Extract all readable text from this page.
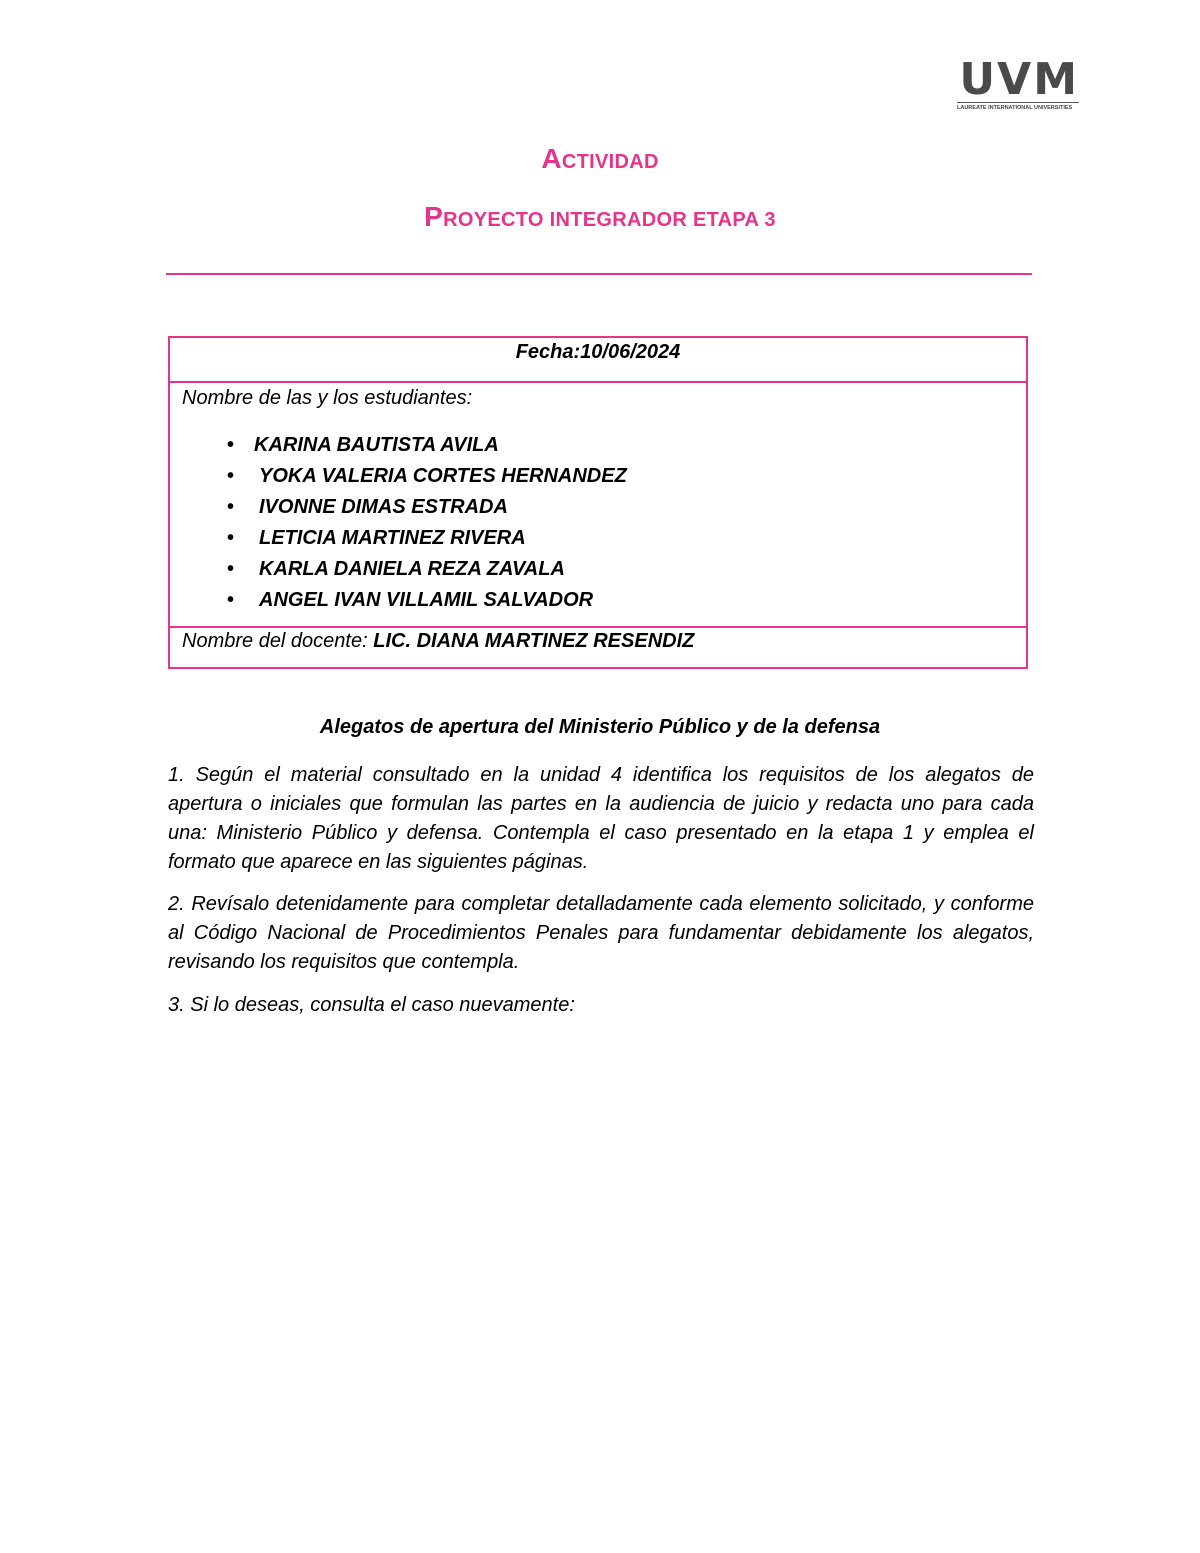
UVM
LAUREATE INTERNATIONAL UNIVERSITIES
ACTIVIDAD
PROYECTO INTEGRADOR ETAPA 3
Fecha:10/06/2024
Nombre de las y los estudiantes:
• KARINA BAUTISTA AVILA
• YOKA VALERIA CORTES HERNANDEZ
• IVONNE DIMAS ESTRADA
• LETICIA MARTINEZ RIVERA
• KARLA DANIELA REZA ZAVALA
• ANGEL IVAN VILLAMIL SALVADOR
Nombre del docente: LIC. DIANA MARTINEZ RESENDIZ
Alegatos de apertura del Ministerio Público y de la defensa

1. Según el material consultado en la unidad 4 identifica los requisitos de los alegatos de apertura o iniciales que formulan las partes en la audiencia de juicio y redacta uno para cada una: Ministerio Público y defensa. Contempla el caso presentado en la etapa 1 y emplea el formato que aparece en las siguientes páginas.

2. Revísalo detenidamente para completar detalladamente cada elemento solicitado, y conforme al Código Nacional de Procedimientos Penales para fundamentar debidamente los alegatos, revisando los requisitos que contempla.

3. Si lo deseas, consulta el caso nuevamente:
